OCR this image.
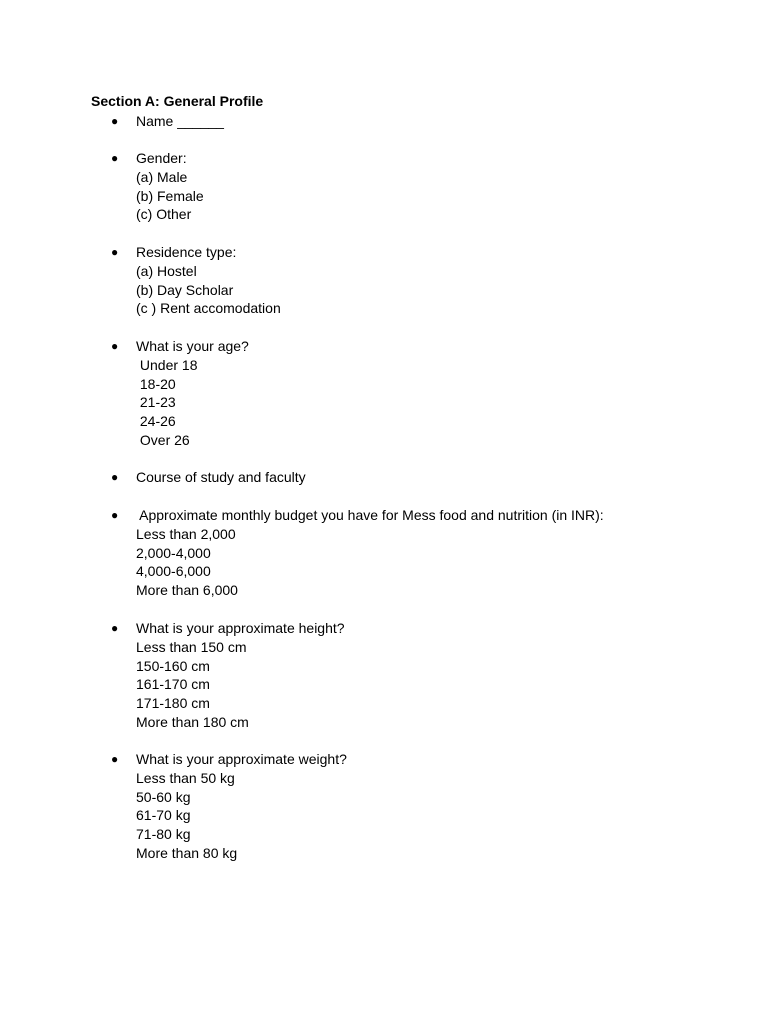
Section A: General Profile
●	Name ______
●	Gender:
(a) Male
(b) Female
(c) Other
●	Residence type:
(a) Hostel
(b) Day Scholar
(c ) Rent accomodation
●	What is your age?
Under 18
18-20
21-23
24-26
Over 26
●	Course of study and faculty
●	Approximate monthly budget you have for Mess food and nutrition (in INR):
Less than 2,000
2,000-4,000
4,000-6,000
More than 6,000
●	What is your approximate height?
Less than 150 cm
150-160 cm
161-170 cm
171-180 cm
More than 180 cm
●	What is your approximate weight?
Less than 50 kg
50-60 kg
61-70 kg
71-80 kg
More than 80 kg
